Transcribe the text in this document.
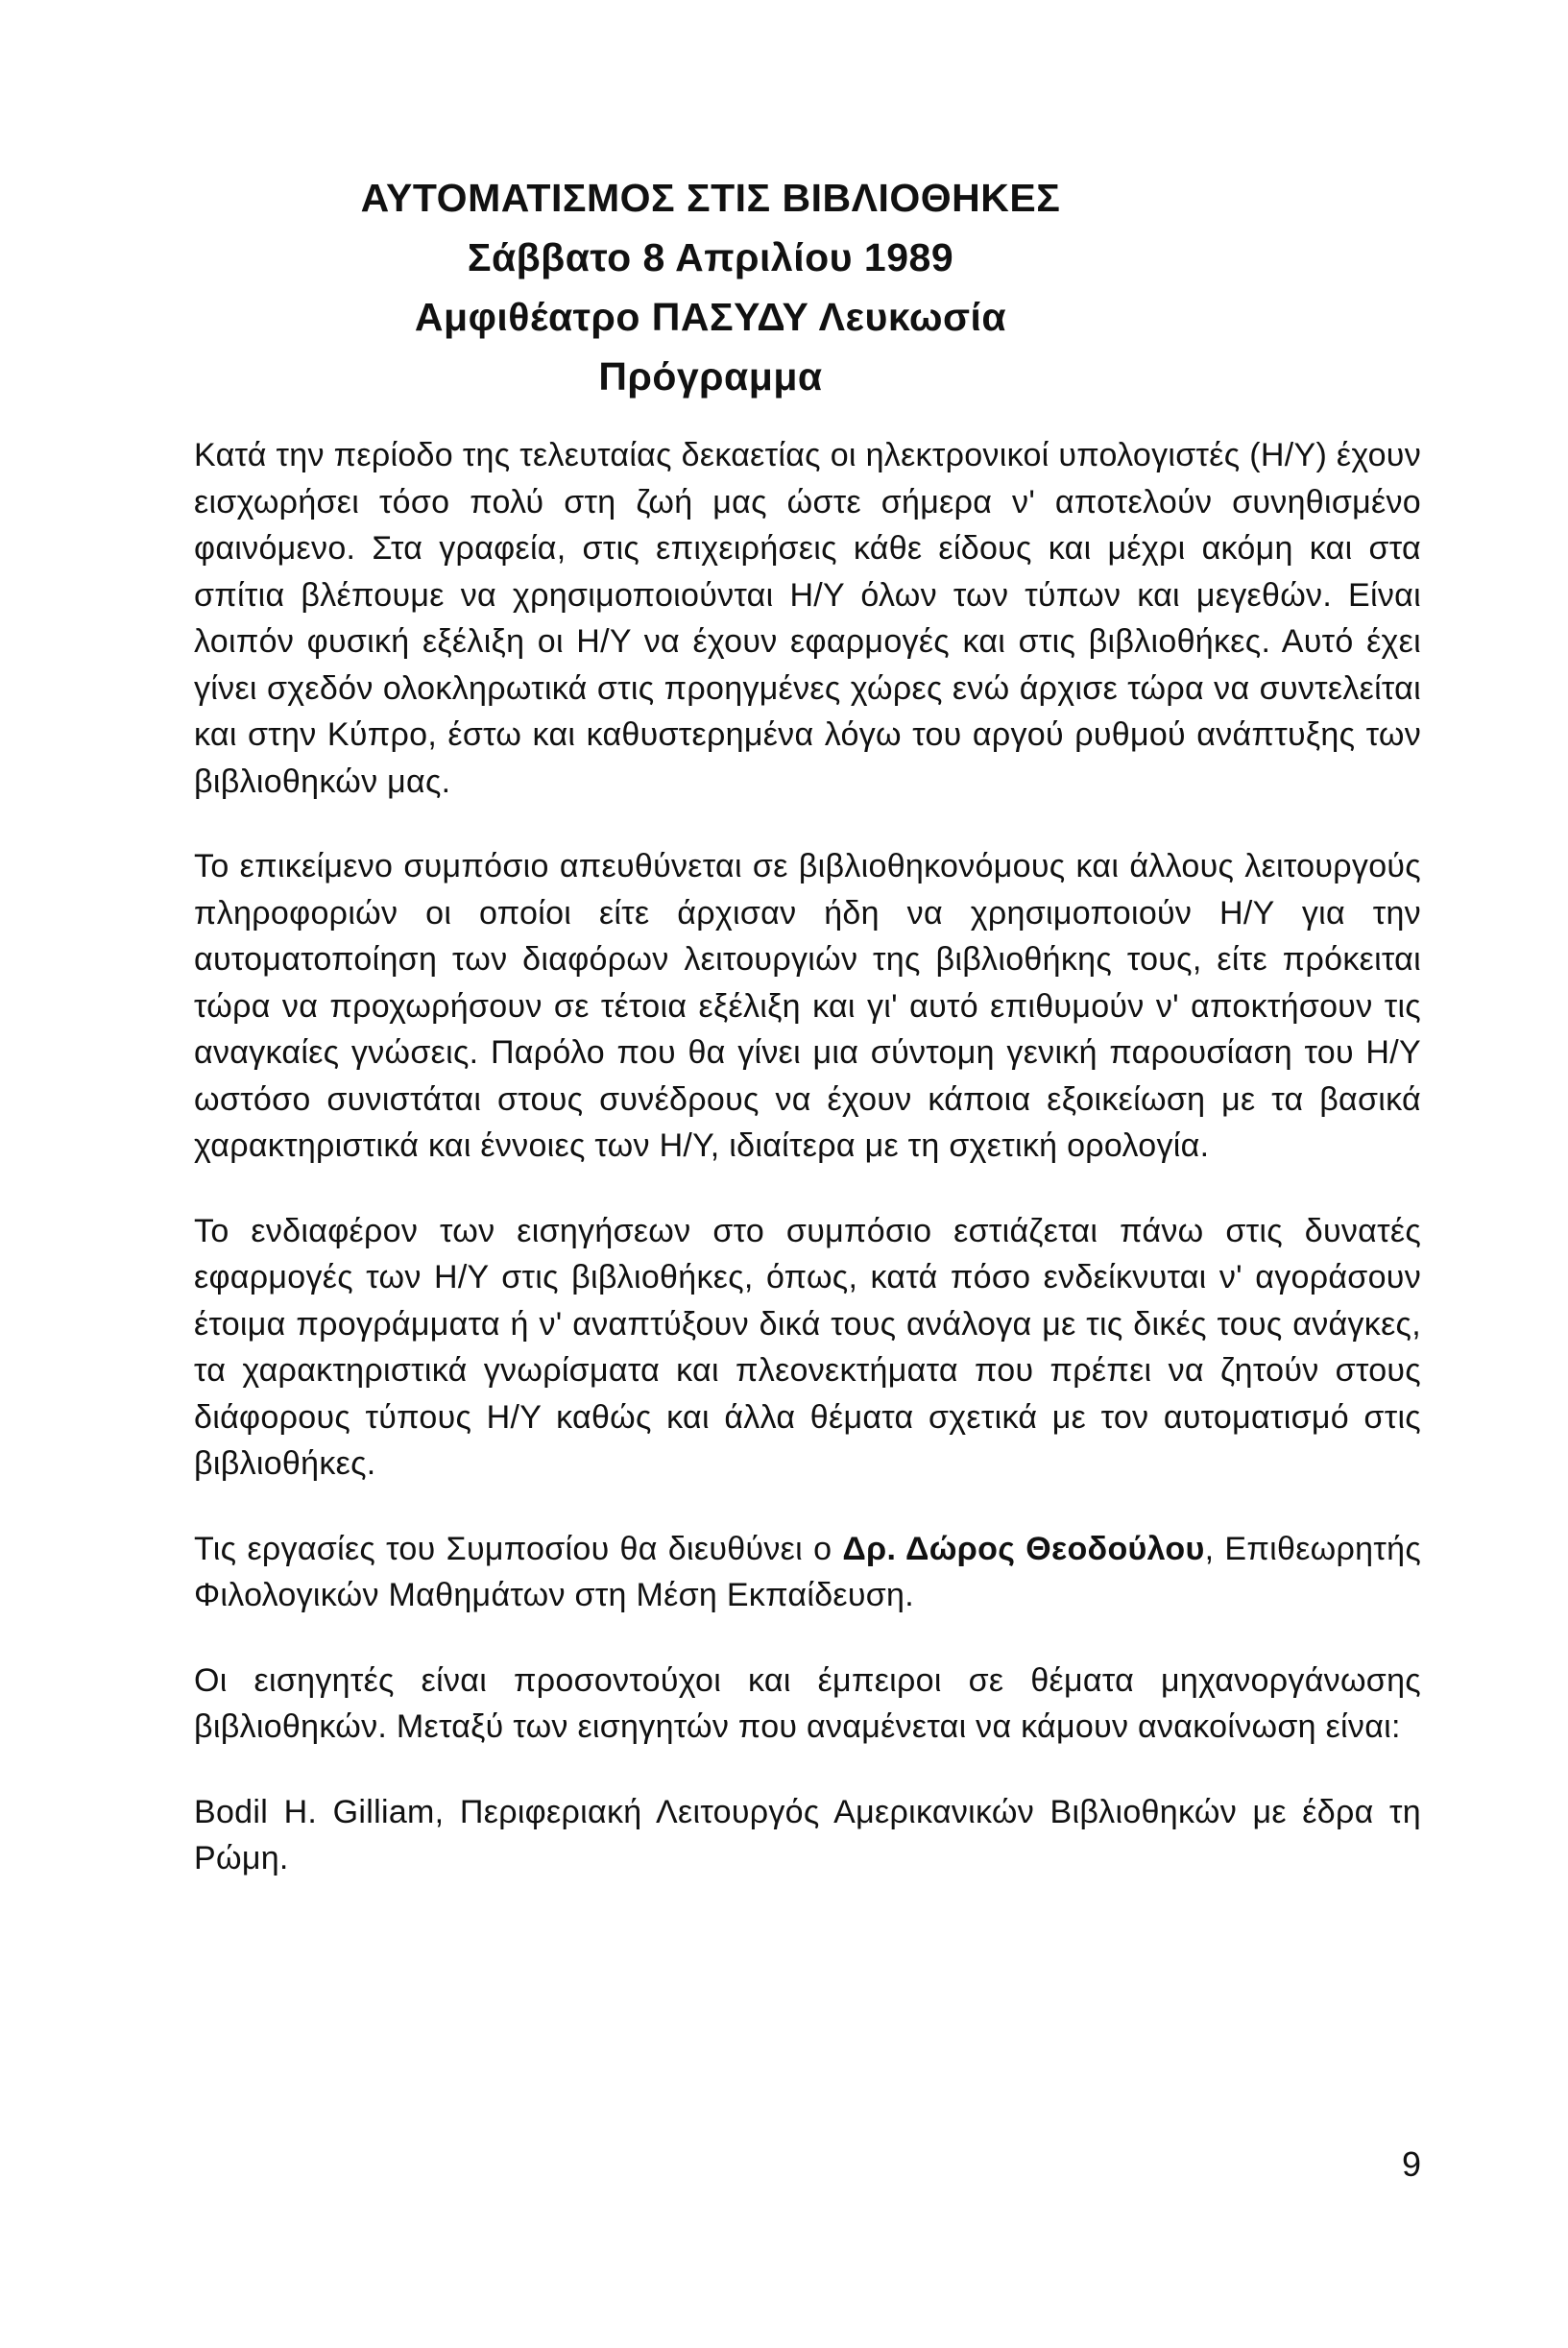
ΑΥΤΟΜΑΤΙΣΜΟΣ ΣΤΙΣ ΒΙΒΛΙΟΘΗΚΕΣ
Σάββατο 8 Απριλίου 1989
Αμφιθέατρο ΠΑΣΥΔΥ Λευκωσία
Πρόγραμμα

Κατά την περίοδο της τελευταίας δεκαετίας οι ηλεκτρονικοί υπολογιστές (Η/Υ) έχουν εισχωρήσει τόσο πολύ στη ζωή μας ώστε σήμερα ν' αποτελούν συνηθισμένο φαινόμενο. Στα γραφεία, στις επιχειρήσεις κάθε είδους και μέχρι ακόμη και στα σπίτια βλέπουμε να χρησιμοποιούνται Η/Υ όλων των τύπων και μεγεθών. Είναι λοιπόν φυσική εξέλιξη οι Η/Υ να έχουν εφαρμογές και στις βιβλιοθήκες. Αυτό έχει γίνει σχεδόν ολοκληρωτικά στις προηγμένες χώρες ενώ άρχισε τώρα να συντελείται και στην Κύπρο, έστω και καθυστερημένα λόγω του αργού ρυθμού ανάπτυξης των βιβλιοθηκών μας.

Το επικείμενο συμπόσιο απευθύνεται σε βιβλιοθηκονόμους και άλλους λειτουργούς πληροφοριών οι οποίοι είτε άρχισαν ήδη να χρησιμοποιούν Η/Υ για την αυτοματοποίηση των διαφόρων λειτουργιών της βιβλιοθήκης τους, είτε πρόκειται τώρα να προχωρήσουν σε τέτοια εξέλιξη και γι' αυτό επιθυμούν ν' αποκτήσουν τις αναγκαίες γνώσεις. Παρόλο που θα γίνει μια σύντομη γενική παρουσίαση του Η/Υ ωστόσο συνιστάται στους συνέδρους να έχουν κάποια εξοικείωση με τα βασικά χαρακτηριστικά και έννοιες των Η/Υ, ιδιαίτερα με τη σχετική ορολογία.

Το ενδιαφέρον των εισηγήσεων στο συμπόσιο εστιάζεται πάνω στις δυνατές εφαρμογές των Η/Υ στις βιβλιοθήκες, όπως, κατά πόσο ενδείκνυται ν' αγοράσουν έτοιμα προγράμματα ή ν' αναπτύξουν δικά τους ανάλογα με τις δικές τους ανάγκες, τα χαρακτηριστικά γνωρίσματα και πλεονεκτήματα που πρέπει να ζητούν στους διάφορους τύπους Η/Υ καθώς και άλλα θέματα σχετικά με τον αυτοματισμό στις βιβλιοθήκες.

Τις εργασίες του Συμποσίου θα διευθύνει ο Δρ. Δώρος Θεοδούλου, Επιθεωρητής Φιλολογικών Μαθημάτων στη Μέση Εκπαίδευση.

Οι εισηγητές είναι προσοντούχοι και έμπειροι σε θέματα μηχανοργάνωσης βιβλιοθηκών. Μεταξύ των εισηγητών που αναμένεται να κάμουν ανακοίνωση είναι:

Bodil H. Gilliam, Περιφεριακή Λειτουργός Αμερικανικών Βιβλιοθηκών με έδρα τη Ρώμη.

9
